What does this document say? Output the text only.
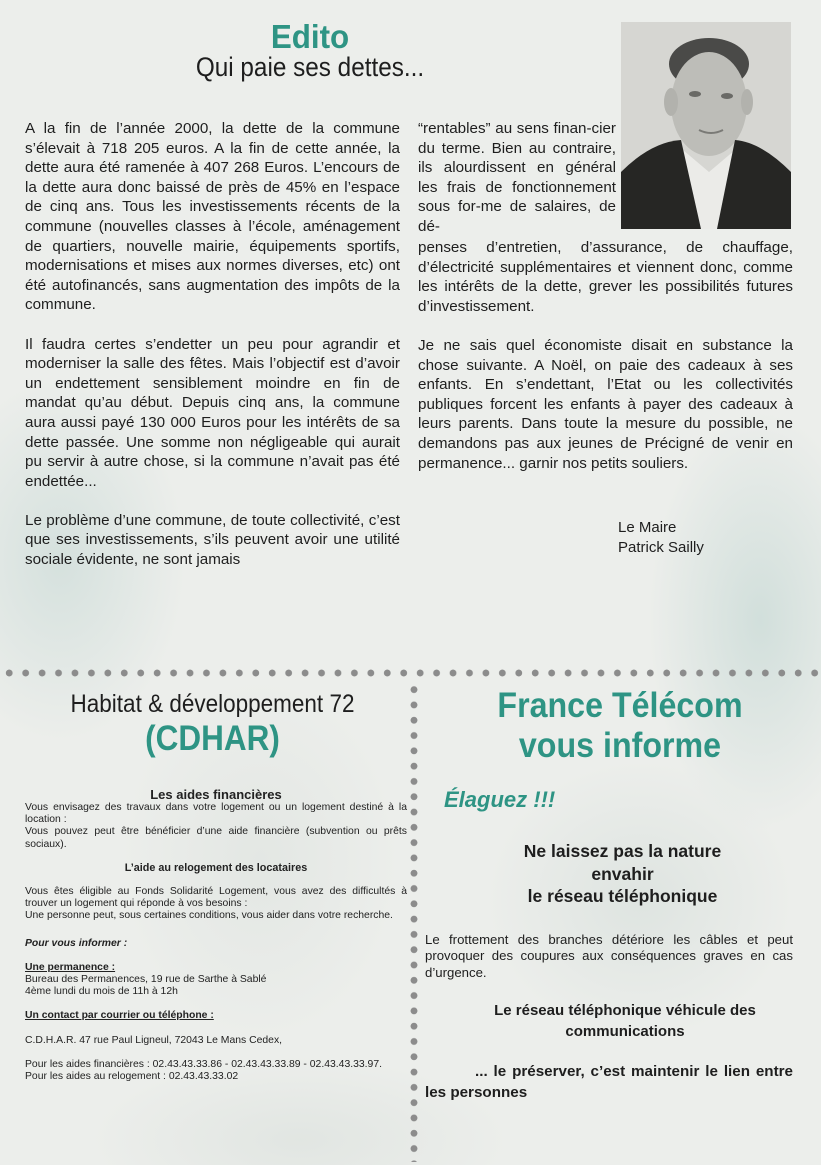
Edito
Qui paie ses dettes...

A la fin de l’année 2000, la dette de la commune s’élevait à 718 205 euros. A la fin de cette année, la dette aura été ramenée à 407 268 Euros. L’encours de la dette aura donc baissé de près de 45% en l’espace de cinq ans. Tous les investissements récents de la commune (nouvelles classes à l’école, aménagement de quartiers, nouvelle mairie, équipements sportifs, modernisations et mises aux normes diverses, etc) ont été autofinancés, sans augmentation des impôts de la commune.

Il faudra certes s’endetter un peu pour agrandir et moderniser la salle des fêtes. Mais l’objectif est d’avoir un endettement sensiblement moindre en fin de mandat qu’au début. Depuis cinq ans, la commune aura aussi payé 130 000 Euros pour les intérêts de sa dette passée. Une somme non négligeable qui aurait pu servir à autre chose, si la commune n’avait pas été endettée...

Le problème d’une commune, de toute collectivité, c’est que ses investissements, s’ils peuvent avoir une utilité sociale évidente, ne sont jamais

“rentables” au sens finan-cier du terme. Bien au contraire, ils alourdissent en général les frais de fonctionnement sous for-me de salaires, de dé-

penses d’entretien, d’assurance, de chauffage, d’électricité supplémentaires et viennent donc, comme les intérêts de la dette, grever les possibilités futures d’investissement.

Je ne sais quel économiste disait en substance la chose suivante. A Noël, on paie des cadeaux à ses enfants. En s’endettant, l’Etat ou les collectivités publiques forcent les enfants à payer des cadeaux à leurs parents. Dans toute la mesure du possible, ne demandons pas aux jeunes de Précigné de venir en permanence... garnir nos petits souliers.

Le Maire
Patrick Sailly
Habitat & développement 72
(CDHAR)
Les aides financières
Vous envisagez des travaux dans votre logement ou un logement destiné à la location :
Vous pouvez peut être bénéficier d’une aide financière (subvention ou prêts sociaux).
L’aide au relogement des locataires
Vous êtes éligible au Fonds Solidarité Logement, vous avez des difficultés à trouver un logement qui réponde à vos besoins :
Une personne peut, sous certaines conditions, vous aider dans votre recherche.
Pour vous informer :
Une permanence :
Bureau des Permanences, 19 rue de Sarthe à Sablé
4ème lundi du mois de 11h à 12h
Un contact par courrier ou téléphone :
C.D.H.A.R. 47 rue Paul Ligneul, 72043 Le Mans Cedex,
Pour les aides financières : 02.43.43.33.86 - 02.43.43.33.89 - 02.43.43.33.97.
Pour les aides au relogement : 02.43.43.33.02
France Télécom
vous informe
Élaguez !!!
Ne laissez pas la nature
envahir
le réseau téléphonique
Le frottement des branches détériore les câbles et peut provoquer des coupures aux conséquences graves en cas d’urgence.
Le réseau téléphonique véhicule des
communications
... le préserver, c’est maintenir le lien entre les personnes
